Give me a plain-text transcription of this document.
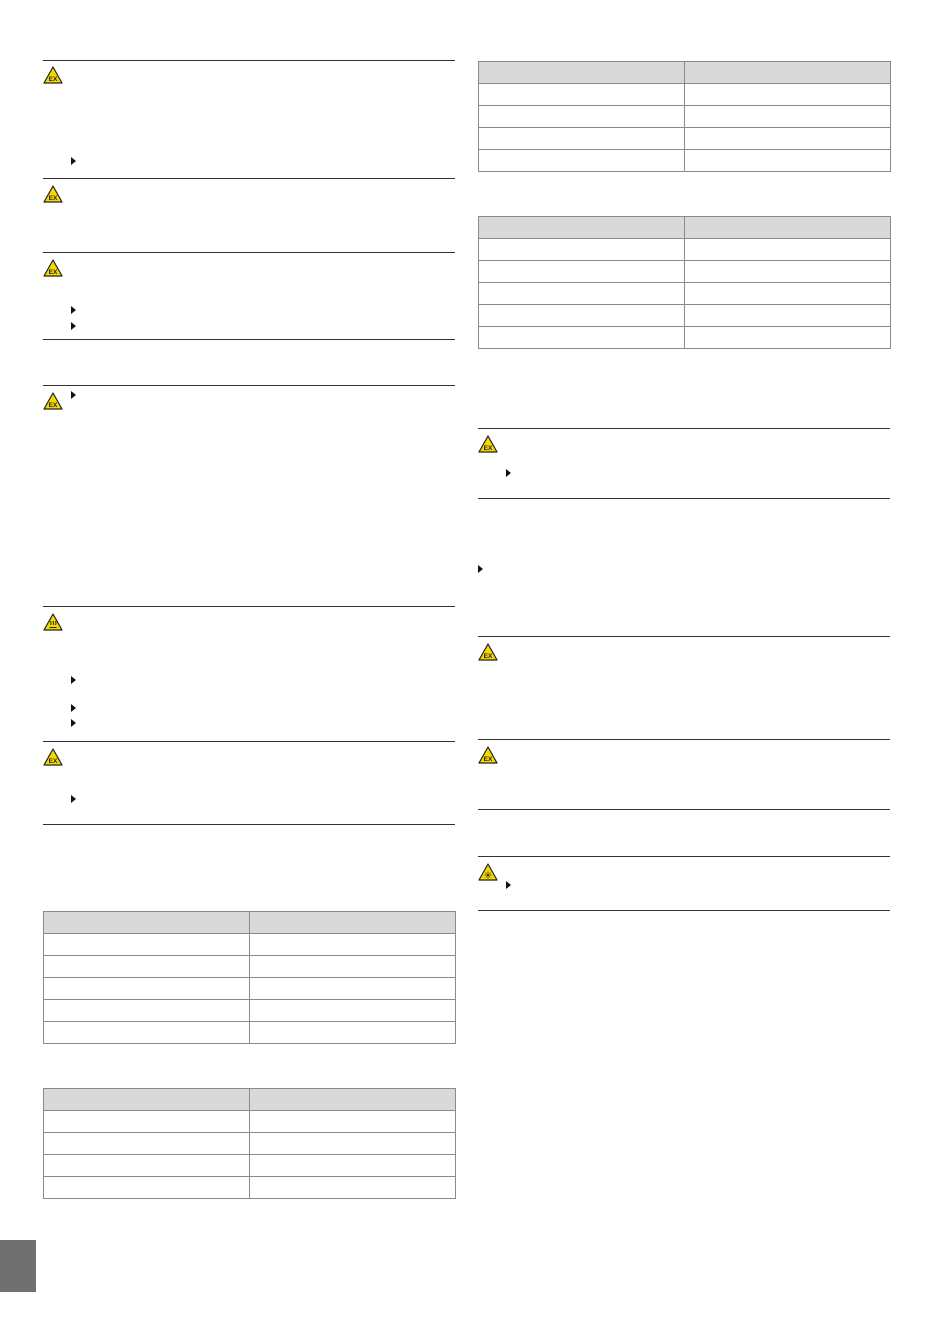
EX
EX
EX
EX
EX

EX
EX
EX
